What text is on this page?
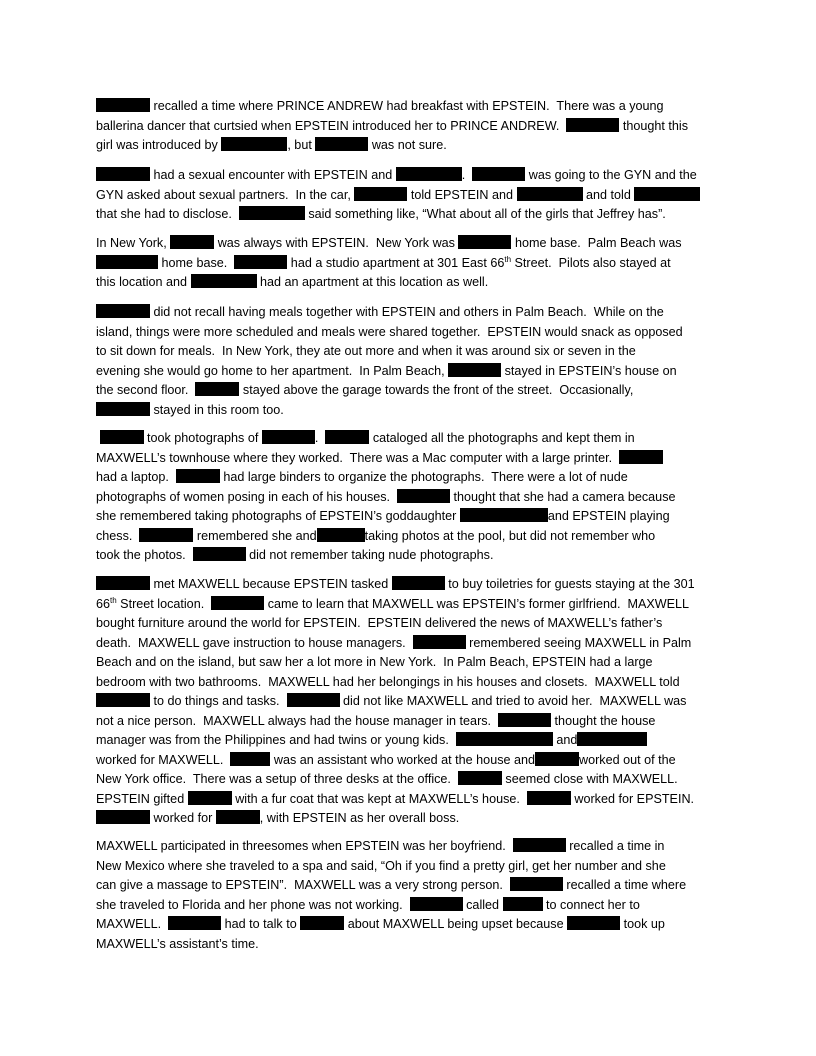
recalled a time where PRINCE ANDREW had breakfast with EPSTEIN.  There was a young
ballerina dancer that curtsied when EPSTEIN introduced her to PRINCE ANDREW.	thought this
girl was introduced by	, but	was not sure.
had a sexual encounter with EPSTEIN and	.	was going to the GYN and the
GYN asked about sexual partners.  In the car,	told EPSTEIN and	and told
that she had to disclose.	said something like, “What about all of the girls that Jeffrey has”.
In New York,	was always with EPSTEIN.  New York was	home base.  Palm Beach was
home base.	had a studio apartment at 301 East 66th Street.  Pilots also stayed at
this location and	had an apartment at this location as well.
did not recall having meals together with EPSTEIN and others in Palm Beach.  While on the
island, things were more scheduled and meals were shared together.  EPSTEIN would snack as opposed
to sit down for meals.  In New York, they ate out more and when it was around six or seven in the
evening she would go home to her apartment.  In Palm Beach,	stayed in EPSTEIN’s house on
the second floor.	stayed above the garage towards the front of the street.  Occasionally,
stayed in this room too.
took photographs of	.	cataloged all the photographs and kept them in
MAXWELL’s townhouse where they worked.  There was a Mac computer with a large printer.
had a laptop.	had large binders to organize the photographs.  There were a lot of nude
photographs of women posing in each of his houses.	thought that she had a camera because
she remembered taking photographs of EPSTEIN’s goddaughter	and EPSTEIN playing
chess.	remembered she and	taking photos at the pool, but did not remember who
took the photos.	did not remember taking nude photographs.
met MAXWELL because EPSTEIN tasked	to buy toiletries for guests staying at the 301
66th Street location.	came to learn that MAXWELL was EPSTEIN’s former girlfriend.  MAXWELL
bought furniture around the world for EPSTEIN.  EPSTEIN delivered the news of MAXWELL’s father’s
death.  MAXWELL gave instruction to house managers.	remembered seeing MAXWELL in Palm
Beach and on the island, but saw her a lot more in New York.  In Palm Beach, EPSTEIN had a large
bedroom with two bathrooms.  MAXWELL had her belongings in his houses and closets.  MAXWELL told
to do things and tasks.	did not like MAXWELL and tried to avoid her.  MAXWELL was
not a nice person.  MAXWELL always had the house manager in tears.	thought the house
manager was from the Philippines and had twins or young kids.	and
worked for MAXWELL.	was an assistant who worked at the house and	worked out of the
New York office.  There was a setup of three desks at the office.	seemed close with MAXWELL.
EPSTEIN gifted	with a fur coat that was kept at MAXWELL’s house.	worked for EPSTEIN.
worked for	, with EPSTEIN as her overall boss.
MAXWELL participated in threesomes when EPSTEIN was her boyfriend.	recalled a time in
New Mexico where she traveled to a spa and said, “Oh if you find a pretty girl, get her number and she
can give a massage to EPSTEIN”.  MAXWELL was a very strong person.	recalled a time where
she traveled to Florida and her phone was not working.	called	to connect her to
MAXWELL.	had to talk to	about MAXWELL being upset because	took up
MAXWELL’s assistant’s time.
